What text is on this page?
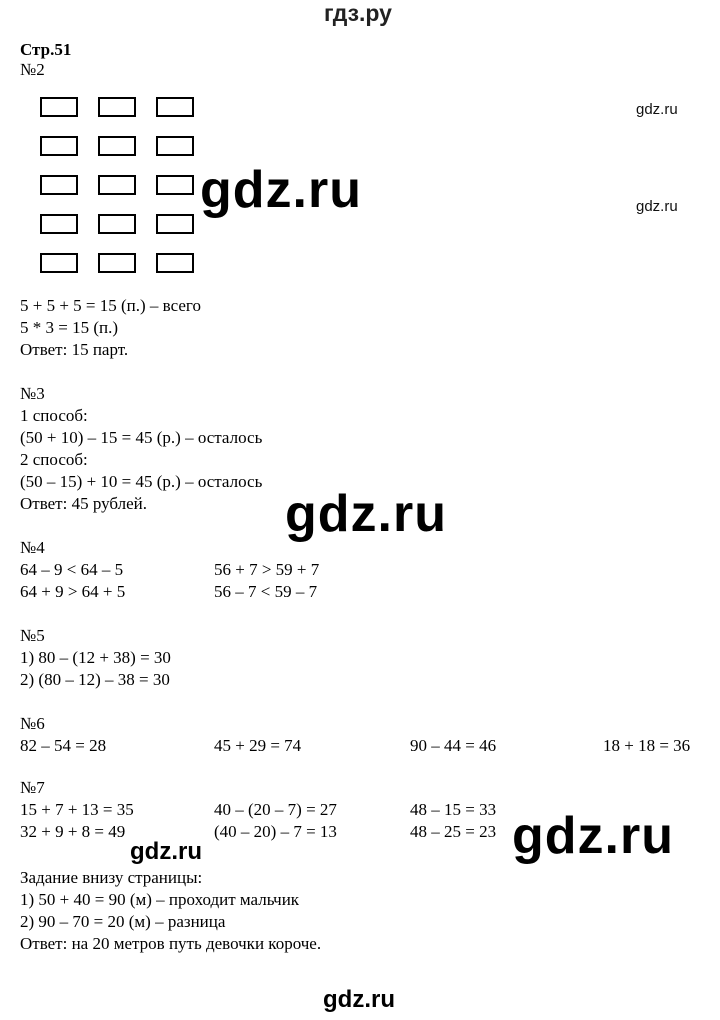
гдз.ру
gdz.ru
gdz.ru
gdz.ru
gdz.ru
gdz.ru
gdz.ru
gdz.ru
Стр.51
№2
5 + 5 + 5 = 15 (п.) – всего
5 * 3 = 15 (п.)
Ответ: 15 парт.
№3
1 способ:
(50 + 10) – 15 = 45 (р.) – осталось
2 способ:
(50 – 15) + 10 = 45 (р.) – осталось
Ответ: 45 рублей.
№4
64 – 9 < 64 – 5	56 + 7 > 59 + 7
64 + 9 > 64 + 5	56 – 7 < 59 – 7
№5
1) 80 – (12 + 38) = 30
2) (80 – 12) – 38 = 30
№6
82 – 54 = 28	45 + 29 = 74	90 – 44 = 46	18 + 18 = 36
№7
15 + 7 + 13 = 35	40 – (20 – 7) = 27	48 – 15 = 33
32 + 9 + 8 = 49	(40 – 20) – 7 = 13	48 – 25 = 23
Задание внизу страницы:
1) 50 + 40 = 90 (м) – проходит мальчик
2) 90 – 70 = 20 (м) – разница
Ответ: на 20 метров путь девочки короче.
